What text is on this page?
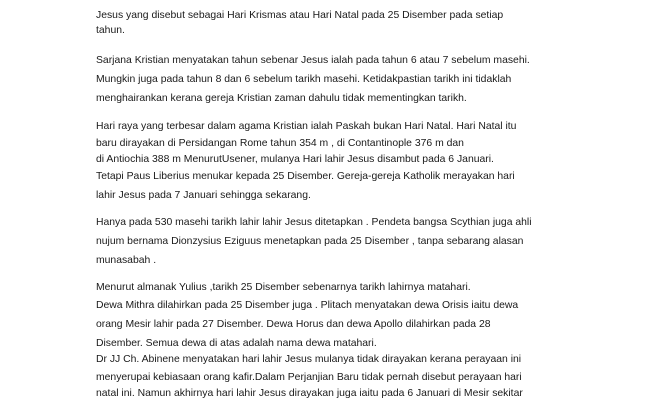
Jesus yang disebut sebagai Hari Krismas atau Hari Natal pada 25 Disember pada setiap
tahun.
Sarjana Kristian menyatakan tahun sebenar Jesus ialah pada tahun 6 atau 7 sebelum masehi.
Mungkin juga pada tahun 8 dan 6 sebelum tarikh masehi. Ketidakpastian tarikh ini tidaklah
menghairankan kerana gereja Kristian zaman dahulu tidak mementingkan tarikh.
Hari raya yang terbesar dalam agama Kristian ialah Paskah bukan Hari Natal. Hari Natal itu
baru dirayakan di Persidangan Rome tahun 354 m , di Contantinople 376 m dan
di Antiochia 388 m MenurutUsener, mulanya Hari lahir Jesus disambut pada 6 Januari.
Tetapi Paus Liberius menukar kepada 25 Disember. Gereja-gereja Katholik merayakan hari
lahir Jesus pada 7 Januari sehingga sekarang.
Hanya pada 530 masehi tarikh lahir lahir Jesus ditetapkan . Pendeta bangsa Scythian juga ahli
nujum bernama Dionzysius Eziguus menetapkan pada 25 Disember , tanpa sebarang alasan
munasabah .
Menurut almanak Yulius ,tarikh 25 Disember sebenarnya tarikh lahirnya matahari.
Dewa Mithra dilahirkan pada 25 Disember juga . Plitach menyatakan dewa Orisis iaitu dewa
orang Mesir lahir pada 27 Disember. Dewa Horus dan dewa Apollo dilahirkan pada 28
Disember. Semua dewa di atas adalah nama dewa matahari.
Dr JJ Ch. Abinene menyatakan hari lahir Jesus mulanya tidak dirayakan kerana perayaan ini
menyerupai kebiasaan orang kafir.Dalam Perjanjian Baru tidak pernah disebut perayaan hari
natal ini. Namun akhirnya hari lahir Jesus dirayakan juga iaitu pada 6 Januari di Mesir sekitar
